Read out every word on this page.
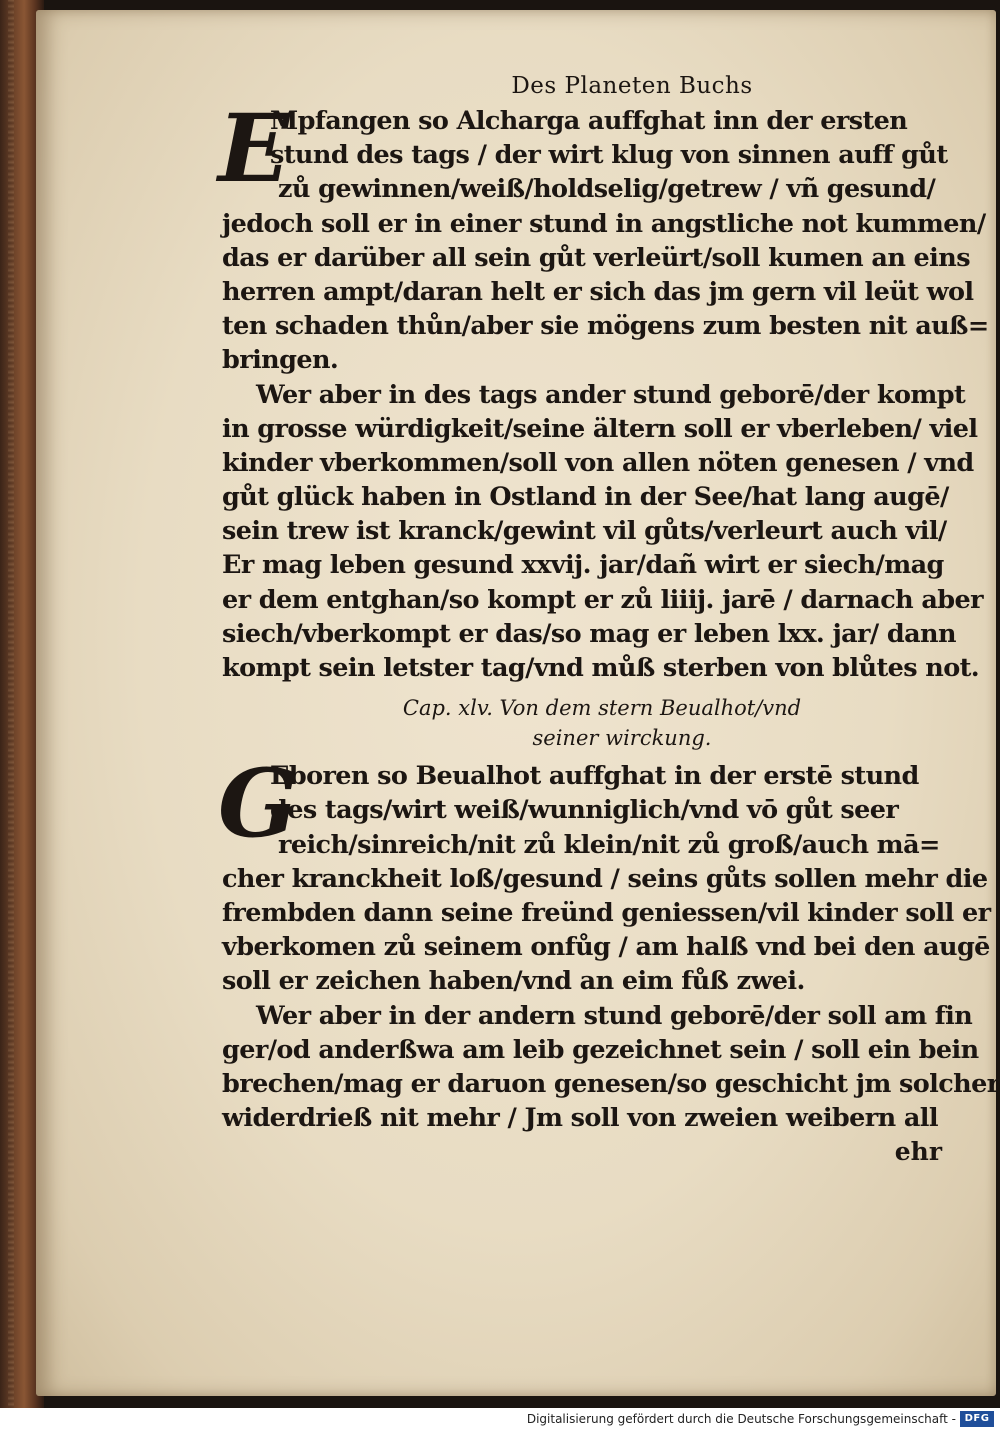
Des Planeten Buchs
E
Mpfangen so Alcharga auffghat inn der ersten
stund des tags / der wirt klug von sinnen auff gůt
zů gewinnen/weiß/holdselig/getrew / vñ gesund/
jedoch soll er in einer stund in angstliche not kummen/
das er darüber all sein gůt verleürt/soll kumen an eins
herren ampt/daran helt er sich das jm gern vil leüt wol
ten schaden thůn/aber sie mögens zum besten nit auß=
bringen.
Wer aber in des tags ander stund geborē/der kompt
in grosse würdigkeit/seine ältern soll er vberleben/ viel
kinder vberkommen/soll von allen nöten genesen / vnd
gůt glück haben in Ostland in der See/hat lang augē/
sein trew ist kranck/gewint vil gůts/verleurt auch vil/
Er mag leben gesund xxvij. jar/dañ wirt er siech/mag
er dem entghan/so kompt er zů liiij. jarē / darnach aber
siech/vberkompt er das/so mag er leben lxx. jar/ dann
kompt sein letster tag/vnd můß sterben von blůtes not.
Cap. xlv. Von dem stern Beualhot/vnd
seiner wirckung.
G
Eboren so Beualhot auffghat in der erstē stund
des tags/wirt weiß/wunniglich/vnd vō gůt seer
reich/sinreich/nit zů klein/nit zů groß/auch mā=
cher kranckheit loß/gesund / seins gůts sollen mehr die
frembden dann seine freünd geniessen/vil kinder soll er
vberkomen zů seinem onfůg / am halß vnd bei den augē
soll er zeichen haben/vnd an eim fůß zwei.
Wer aber in der andern stund geborē/der soll am fin
ger/od anderßwa am leib gezeichnet sein / soll ein bein
brechen/mag er daruon genesen/so geschicht jm solcher
widerdrieß nit mehr / Jm soll von zweien weibern all
ehr
Digitalisierung gefördert durch die Deutsche Forschungsgemeinschaft - DFG
